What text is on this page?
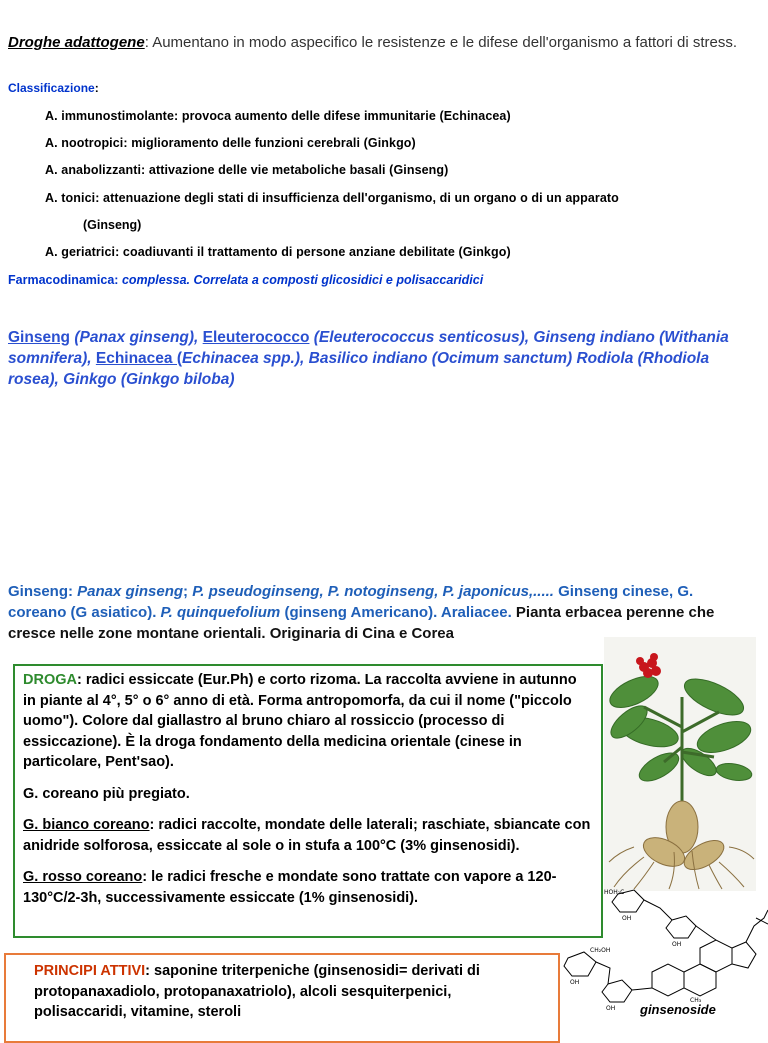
Droghe adattogene: Aumentano in modo aspecifico le resistenze e le difese dell'organismo a fattori di stress.
Classificazione:
A. immunostimolante: provoca aumento delle difese immunitarie (Echinacea)
A. nootropici: miglioramento delle funzioni cerebrali (Ginkgo)
A. anabolizzanti: attivazione delle vie metaboliche basali (Ginseng)
A. tonici: attenuazione degli stati di insufficienza dell'organismo, di un organo o di un apparato
(Ginseng)
A. geriatrici: coadiuvanti il trattamento di persone anziane debilitate (Ginkgo)
Farmacodinamica: complessa. Correlata a composti glicosidici e polisaccaridici
Ginseng (Panax ginseng), Eleuterococco (Eleuterococcus senticosus), Ginseng indiano (Withania somnifera), Echinacea (Echinacea spp.), Basilico indiano (Ocimum sanctum) Rodiola (Rhodiola rosea), Ginkgo (Ginkgo biloba)
Ginseng: Panax ginseng; P. pseudoginseng, P. notoginseng, P. japonicus,..... Ginseng cinese, G. coreano (G asiatico). P. quinquefolium (ginseng Americano). Araliacee. Pianta erbacea perenne che cresce nelle zone montane orientali. Originaria di Cina e Corea

DROGA: radici essiccate (Eur.Ph) e corto rizoma. La raccolta avviene in autunno in piante al 4°, 5° o 6° anno di età. Forma antropomorfa, da cui il nome ("piccolo uomo"). Colore dal giallastro al bruno chiaro al rossiccio (processo di essiccazione). È la droga fondamento della medicina orientale (cinese in particolare, Pent'sao).

G. coreano più pregiato.

G. bianco coreano: radici raccolte, mondate delle laterali; raschiate, sbiancate con anidride solforosa, essiccate al sole o in stufa a 100°C (3% ginsenosidi).

G. rosso coreano: le radici fresche e mondate sono trattate con vapore a 120-130°C/2-3h, successivamente essiccate (1% ginsenosidi).	HOH₂C
OH
OH
OH
OH
CH₂OH
CH₃
ginsenoside
PRINCIPI ATTIVI: saponine triterpeniche (ginsenosidi= derivati di protopanaxadiolo, protopanaxatriolo), alcoli sesquiterpenici, polisaccaridi, vitamine, steroli
